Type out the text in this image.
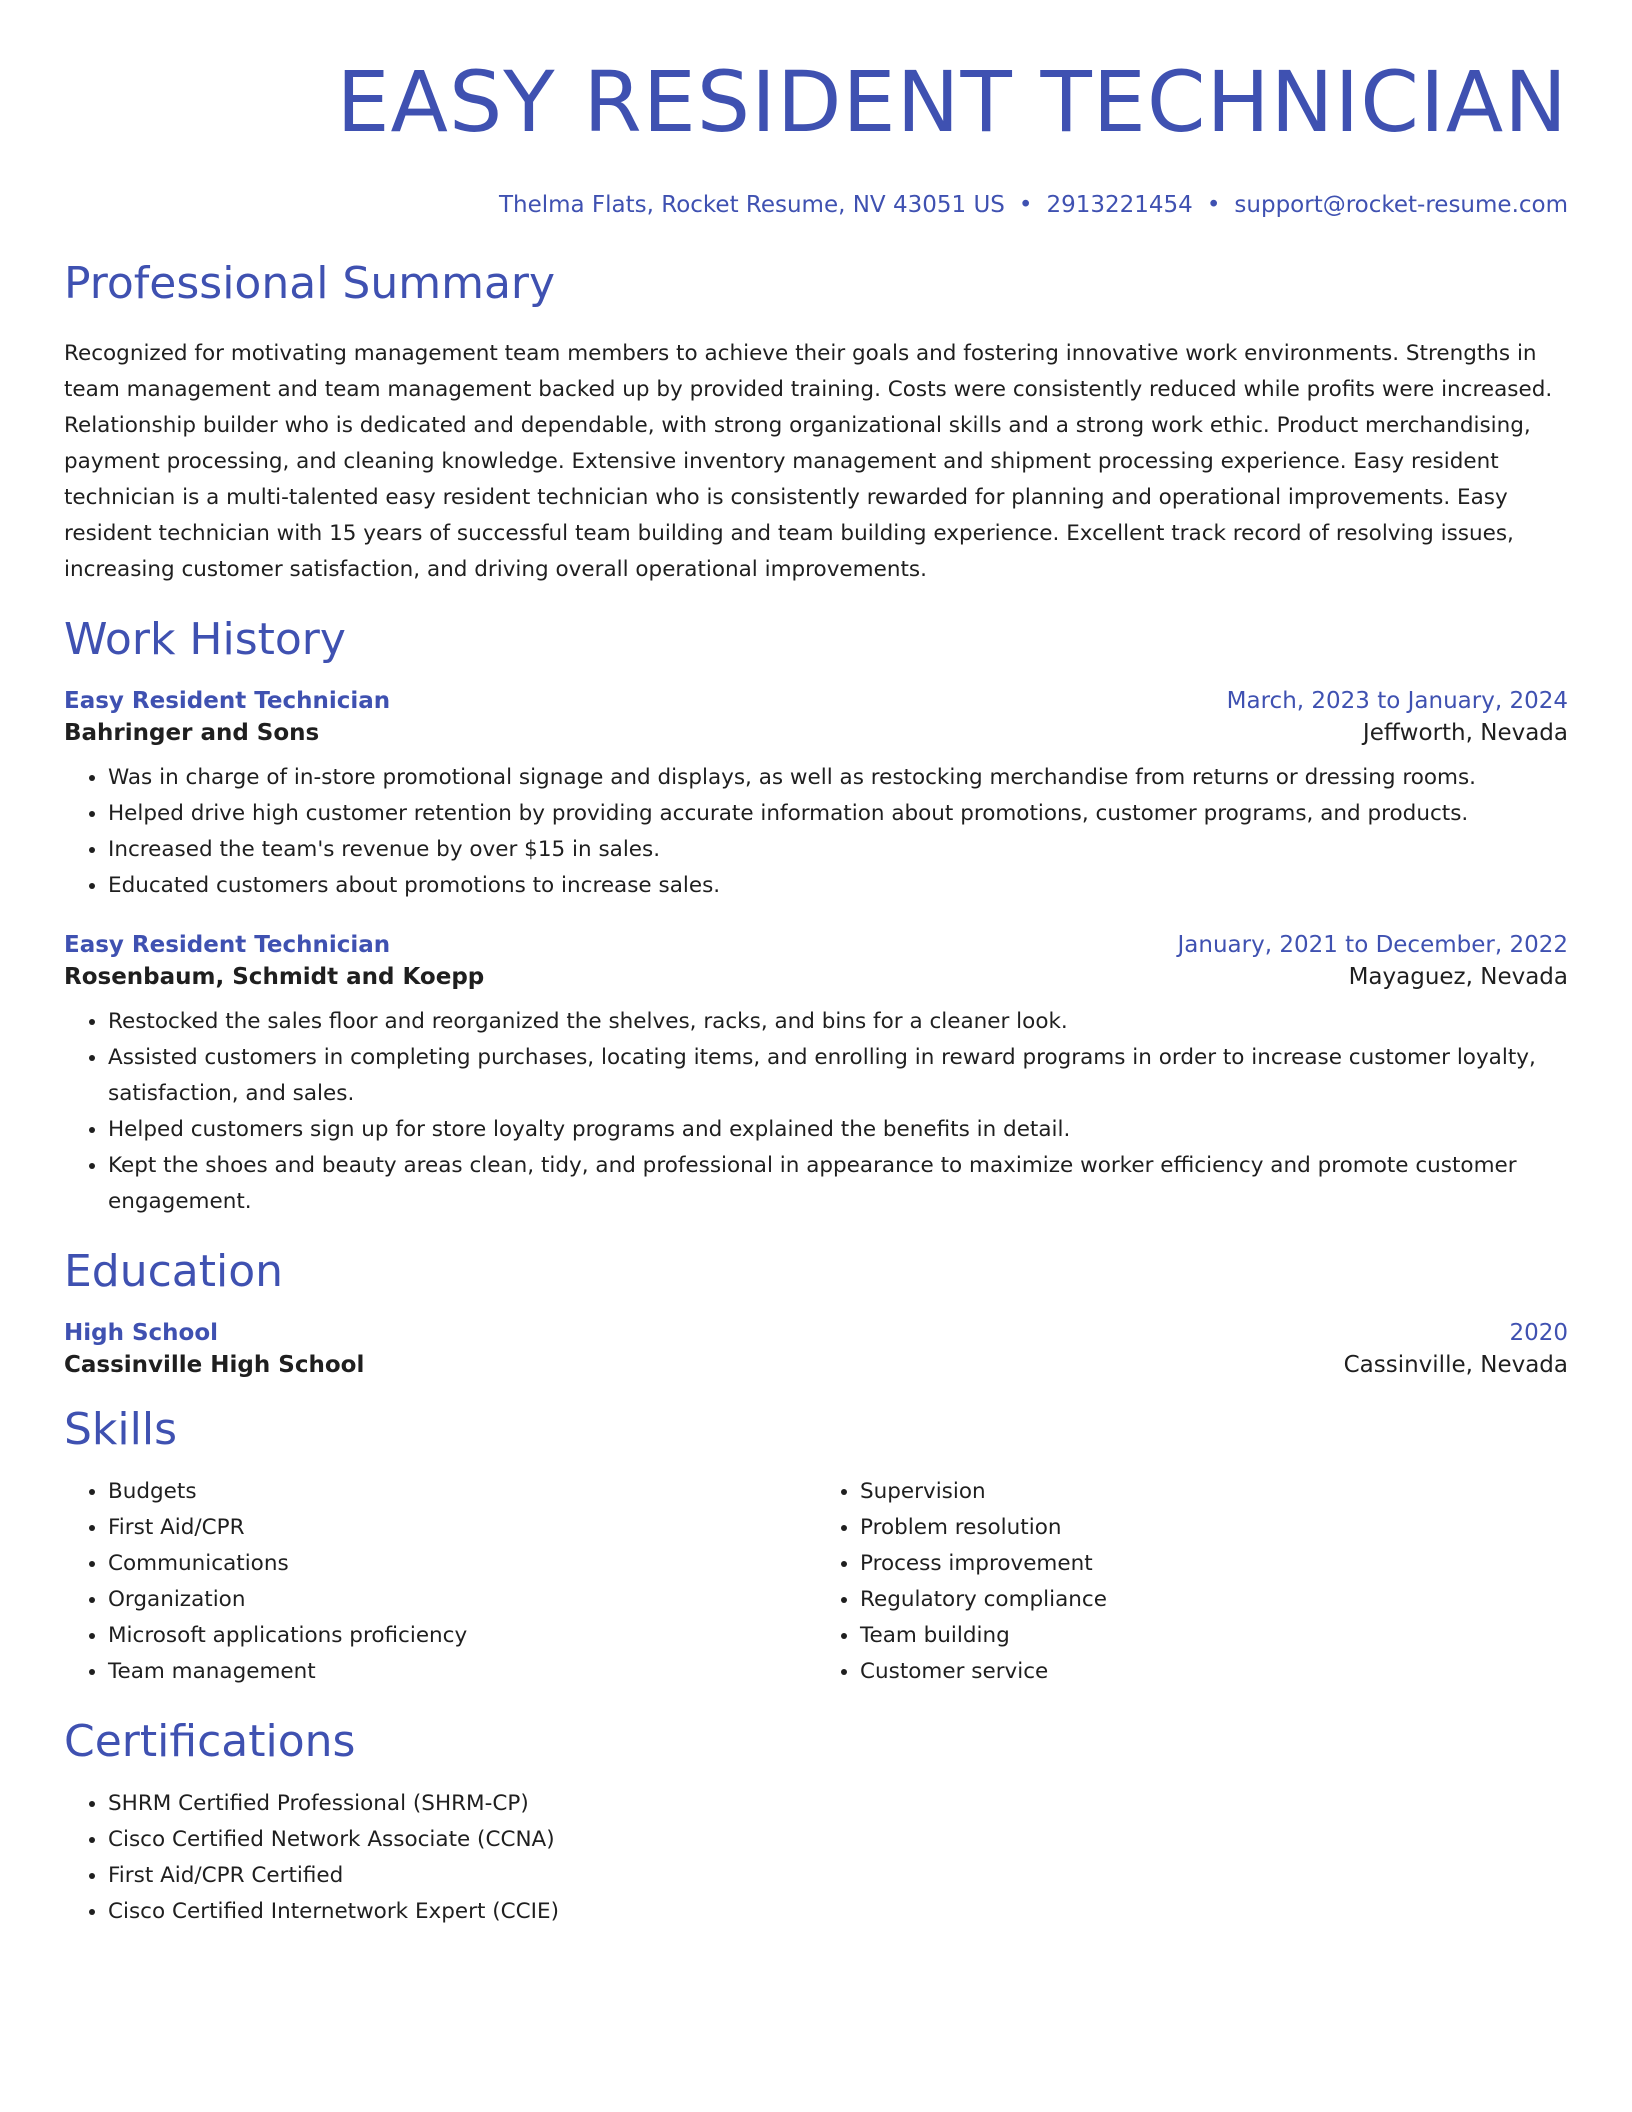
EASY RESIDENT TECHNICIAN
Thelma Flats, Rocket Resume, NV 43051 US • 2913221454 • support@rocket-resume.com
Professional Summary

Recognized for motivating management team members to achieve their goals and fostering innovative work environments. Strengths in team management and team management backed up by provided training. Costs were consistently reduced while profits were increased. Relationship builder who is dedicated and dependable, with strong organizational skills and a strong work ethic. Product merchandising, payment processing, and cleaning knowledge. Extensive inventory management and shipment processing experience. Easy resident technician is a multi-talented easy resident technician who is consistently rewarded for planning and operational improvements. Easy resident technician with 15 years of successful team building and team building experience. Excellent track record of resolving issues, increasing customer satisfaction, and driving overall operational improvements.

Work History
Easy Resident Technician	March, 2023 to January, 2024
Bahringer and Sons	Jeffworth, Nevada
• Was in charge of in-store promotional signage and displays, as well as restocking merchandise from returns or dressing rooms.
• Helped drive high customer retention by providing accurate information about promotions, customer programs, and products.
• Increased the team's revenue by over $15 in sales.
• Educated customers about promotions to increase sales.
Easy Resident Technician	January, 2021 to December, 2022
Rosenbaum, Schmidt and Koepp	Mayaguez, Nevada
• Restocked the sales floor and reorganized the shelves, racks, and bins for a cleaner look.
• Assisted customers in completing purchases, locating items, and enrolling in reward programs in order to increase customer loyalty, satisfaction, and sales.
• Helped customers sign up for store loyalty programs and explained the benefits in detail.
• Kept the shoes and beauty areas clean, tidy, and professional in appearance to maximize worker efficiency and promote customer engagement.
Education
High School	2020
Cassinville High School	Cassinville, Nevada
Skills
• Budgets
• First Aid/CPR
• Communications
• Organization
• Microsoft applications proficiency
• Team management
• Supervision
• Problem resolution
• Process improvement
• Regulatory compliance
• Team building
• Customer service
Certifications
• SHRM Certified Professional (SHRM-CP)
• Cisco Certified Network Associate (CCNA)
• First Aid/CPR Certified
• Cisco Certified Internetwork Expert (CCIE)
